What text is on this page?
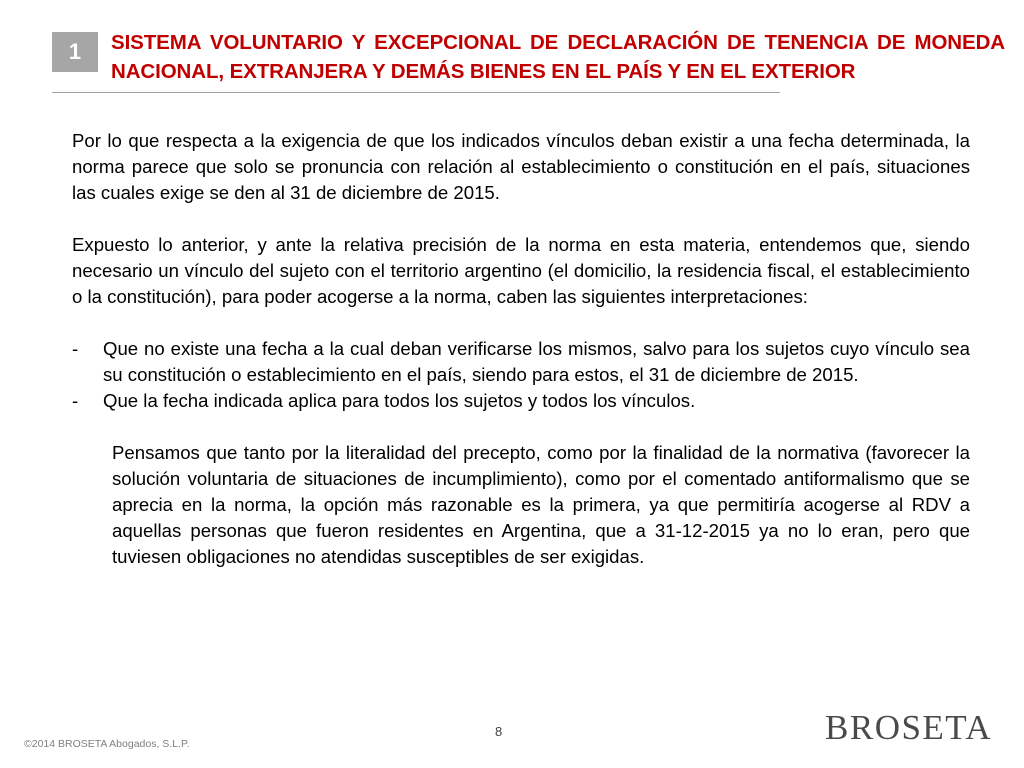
1	SISTEMA VOLUNTARIO Y EXCEPCIONAL DE DECLARACIÓN DE TENENCIA DE MONEDA NACIONAL, EXTRANJERA Y DEMÁS BIENES EN EL PAÍS Y EN EL EXTERIOR

Por lo que respecta a la exigencia de que los indicados vínculos deban existir a una fecha determinada, la norma parece que solo se pronuncia con relación al establecimiento o constitución en el país, situaciones las cuales exige se den al 31 de diciembre de 2015.

Expuesto lo anterior, y ante la relativa precisión de la norma en esta materia, entendemos que, siendo necesario un vínculo del sujeto con el territorio argentino (el domicilio, la residencia fiscal, el establecimiento o la constitución), para poder acogerse a la norma, caben las siguientes interpretaciones:

-	Que no existe una fecha a la cual deban verificarse los mismos, salvo para los sujetos cuyo vínculo sea su constitución o establecimiento en el país, siendo para estos, el 31 de diciembre de 2015.
-	Que la fecha indicada aplica para todos los sujetos y todos los vínculos.

Pensamos que tanto por la literalidad del precepto, como por la finalidad de la normativa (favorecer la solución voluntaria de situaciones de incumplimiento), como por el comentado antiformalismo que se aprecia en la norma, la opción más razonable es la primera, ya que permitiría acogerse al RDV a aquellas personas que fueron residentes en Argentina, que a 31-12-2015 ya no lo eran, pero que tuviesen obligaciones no atendidas susceptibles de ser exigidas.

©2014 BROSETA Abogados, S.L.P.
8	BROSETA
